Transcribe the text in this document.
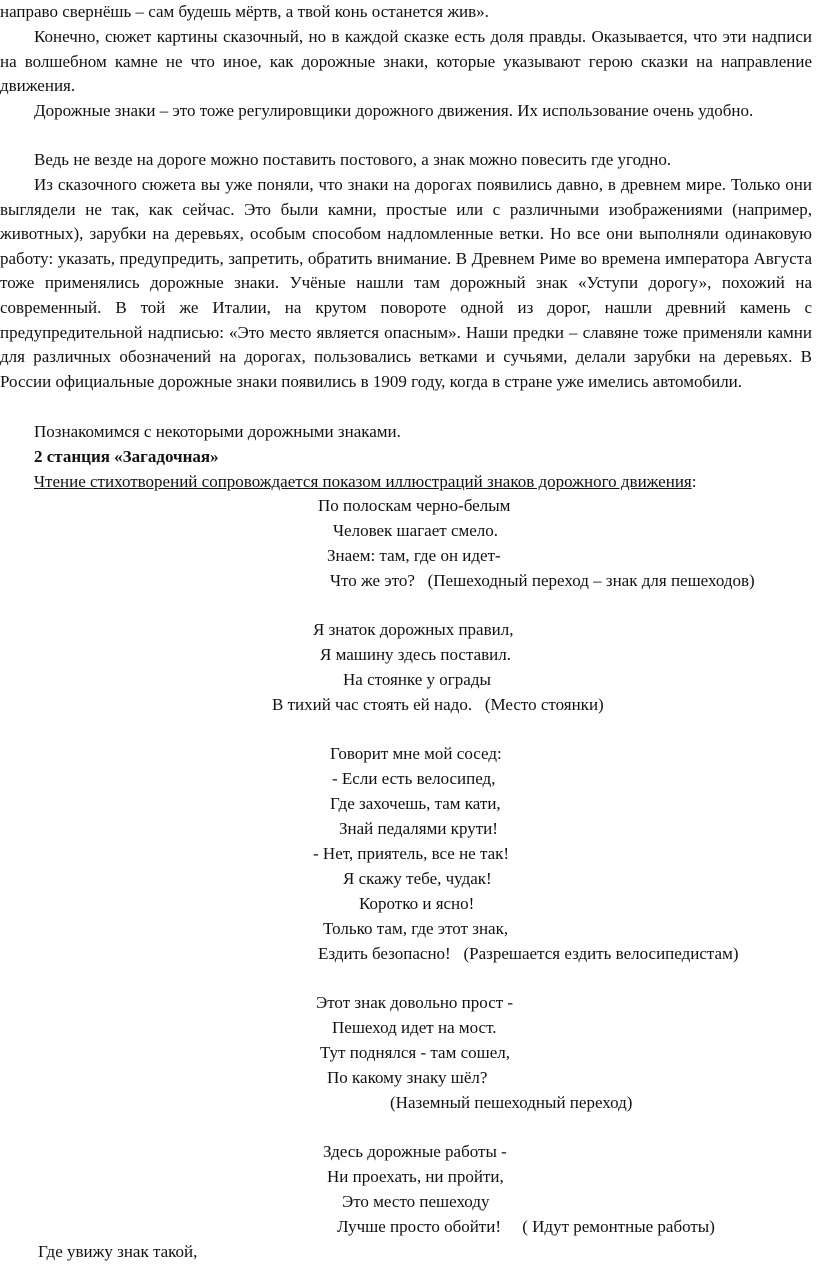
направо свернёшь – сам будешь мёртв, а твой конь останется жив».

Конечно, сюжет картины сказочный, но в каждой сказке есть доля правды. Оказывается, что эти надписи на волшебном камне не что иное, как дорожные знаки, которые указывают герою сказки на направление движения.

Дорожные знаки – это тоже регулировщики дорожного движения. Их использование очень удобно.

Ведь не везде на дороге можно поставить постового, а знак можно повесить где угодно.

Из сказочного сюжета вы уже поняли, что знаки на дорогах появились давно, в древнем мире. Только они выглядели не так, как сейчас. Это были камни, простые или с различными изображениями (например, животных), зарубки на деревьях, особым способом надломленные ветки. Но все они выполняли одинаковую работу: указать, предупредить, запретить, обратить внимание. В Древнем Риме во времена императора Августа тоже применялись дорожные знаки. Учёные нашли там дорожный знак «Уступи дорогу», похожий на современный. В той же Италии, на крутом повороте одной из дорог, нашли древний камень с предупредительной надписью: «Это место является опасным». Наши предки – славяне тоже применяли камни для различных обозначений на дорогах, пользовались ветками и сучьями, делали зарубки на деревьях. В России официальные дорожные знаки появились в 1909 году, когда в стране уже имелись автомобили.

Познакомимся с некоторыми дорожными знаками.

2 станция «Загадочная»

Чтение стихотворений сопровождается показом иллюстраций знаков дорожного движения:

По полоскам черно-белым

Человек шагает смело.

Знаем: там, где он идет-

Что же это?   (Пешеходный переход – знак для пешеходов)

Я знаток дорожных правил,

Я машину здесь поставил.

На стоянке у ограды

В тихий час стоять ей надо.   (Место стоянки)

Говорит мне мой сосед:

- Если есть велосипед,

Где захочешь, там кати,

Знай педалями крути!

- Нет, приятель, все не так!

Я скажу тебе, чудак!

Коротко и ясно!

Только там, где этот знак,

Ездить безопасно!   (Разрешается ездить велосипедистам)

Этот знак довольно прост -

Пешеход идет на мост.

Тут поднялся - там сошел,

По какому знаку шёл?

(Наземный пешеходный переход)

Здесь дорожные работы -

Ни проехать, ни пройти,

Это место пешеходу

Лучше просто обойти!     ( Идут ремонтные работы)

Где увижу знак такой,
